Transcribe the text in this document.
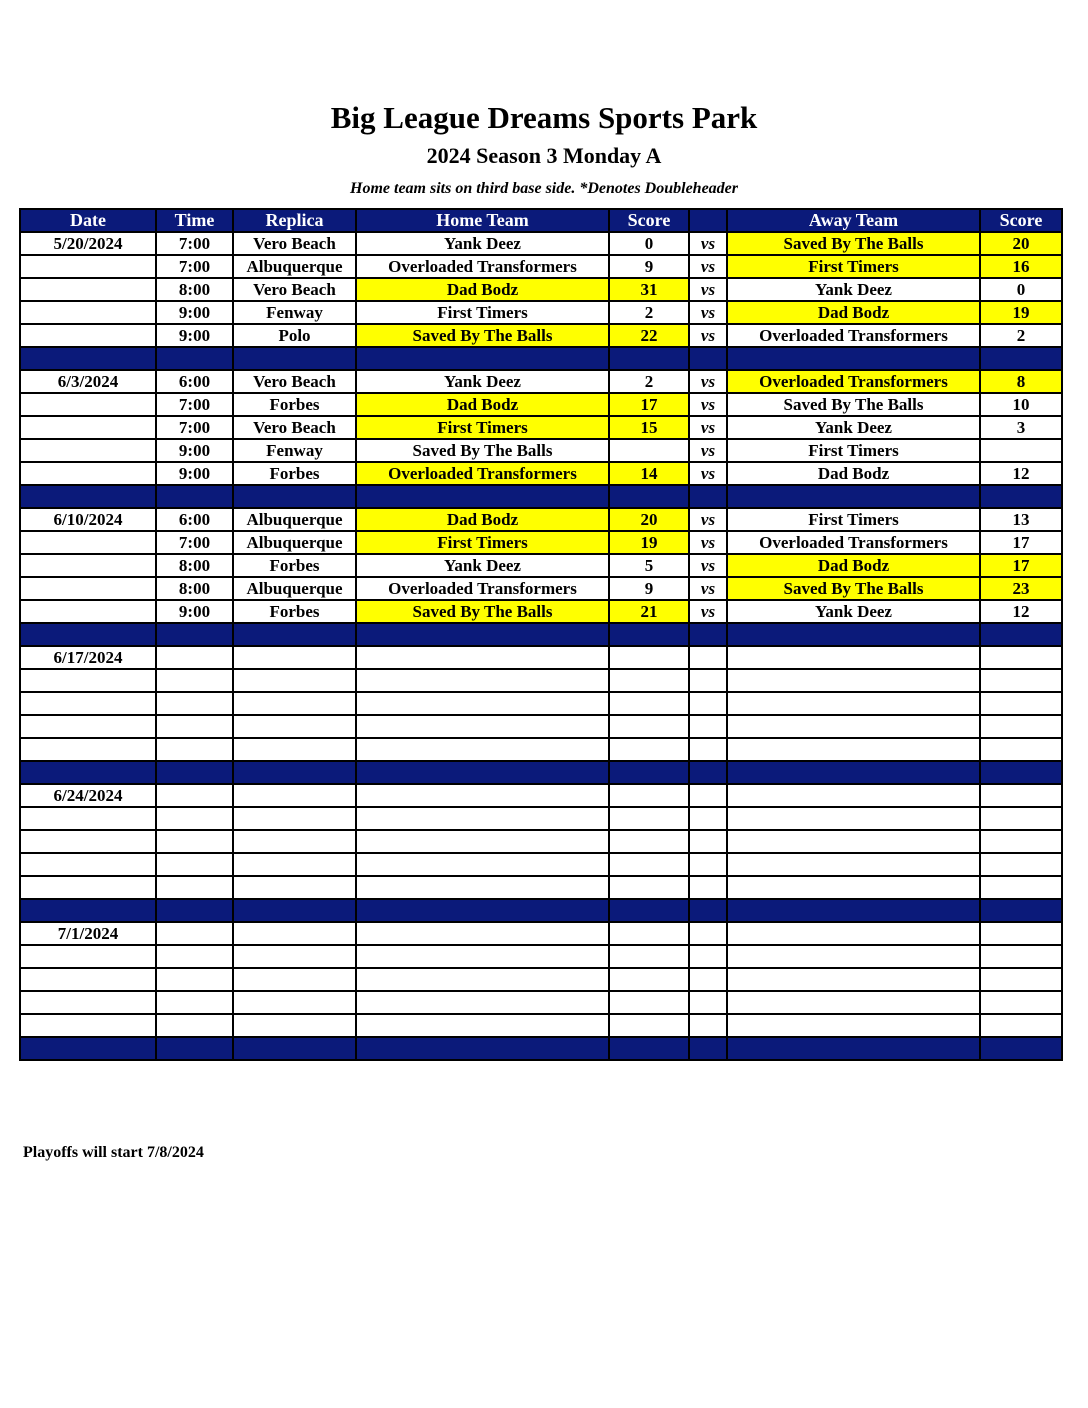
Big League Dreams Sports Park
2024 Season 3 Monday A
Home team sits on third base side. *Denotes Doubleheader
Date	Time	Replica	Home Team	Score		Away Team	Score
5/20/2024	7:00	Vero Beach	Yank Deez	0	vs	Saved By The Balls	20
	7:00	Albuquerque	Overloaded Transformers	9	vs	First Timers	16
	8:00	Vero Beach	Dad Bodz	31	vs	Yank Deez	0
	9:00	Fenway	First Timers	2	vs	Dad Bodz	19
	9:00	Polo	Saved By The Balls	22	vs	Overloaded Transformers	2

6/3/2024	6:00	Vero Beach	Yank Deez	2	vs	Overloaded Transformers	8
	7:00	Forbes	Dad Bodz	17	vs	Saved By The Balls	10
	7:00	Vero Beach	First Timers	15	vs	Yank Deez	3
	9:00	Fenway	Saved By The Balls		vs	First Timers	
	9:00	Forbes	Overloaded Transformers	14	vs	Dad Bodz	12

6/10/2024	6:00	Albuquerque	Dad Bodz	20	vs	First Timers	13
	7:00	Albuquerque	First Timers	19	vs	Overloaded Transformers	17
	8:00	Forbes	Yank Deez	5	vs	Dad Bodz	17
	8:00	Albuquerque	Overloaded Transformers	9	vs	Saved By The Balls	23
	9:00	Forbes	Saved By The Balls	21	vs	Yank Deez	12

6/17/2024							

6/24/2024							

7/1/2024							

Playoffs will start 7/8/2024
